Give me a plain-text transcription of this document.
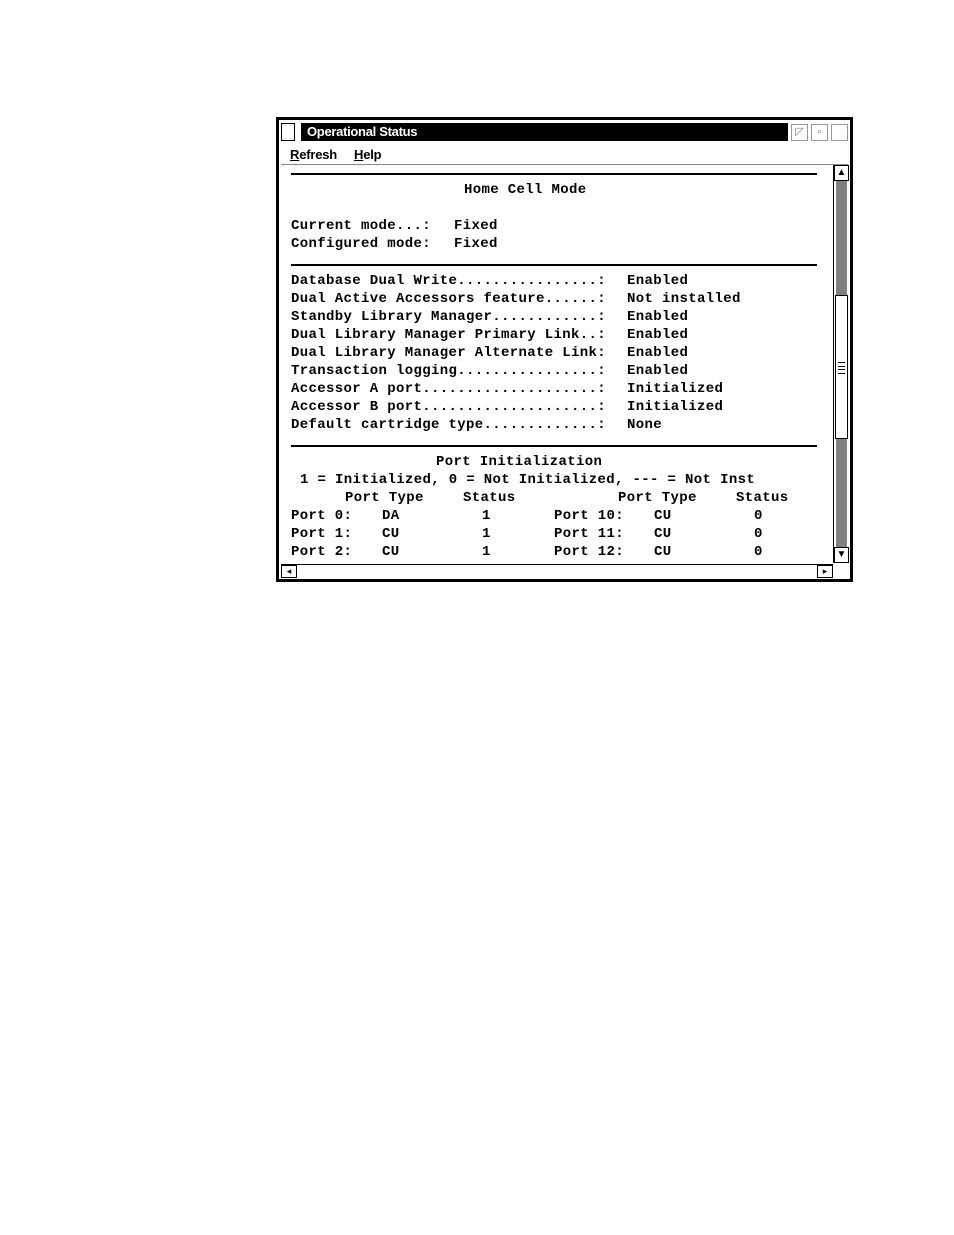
Operational Status	◸	▫
Refresh Help
Home Cell Mode
Current mode...: Fixed
Configured mode: Fixed
Database Dual Write................: Enabled
Dual Active Accessors feature......: Not installed
Standby Library Manager............: Enabled
Dual Library Manager Primary Link..: Enabled
Dual Library Manager Alternate Link: Enabled
Transaction logging................: Enabled
Accessor A port....................: Initialized
Accessor B port....................: Initialized
Default cartridge type.............: None
Port Initialization
1 = Initialized, 0 = Not Initialized, --- = Not Inst
Port Type	Status	Port Type	Status
Port 0: DA	1	Port 10: CU	0
Port 1: CU	1	Port 11: CU	0
Port 2: CU	1	Port 12: CU	0
▲
▼
◂	▸
